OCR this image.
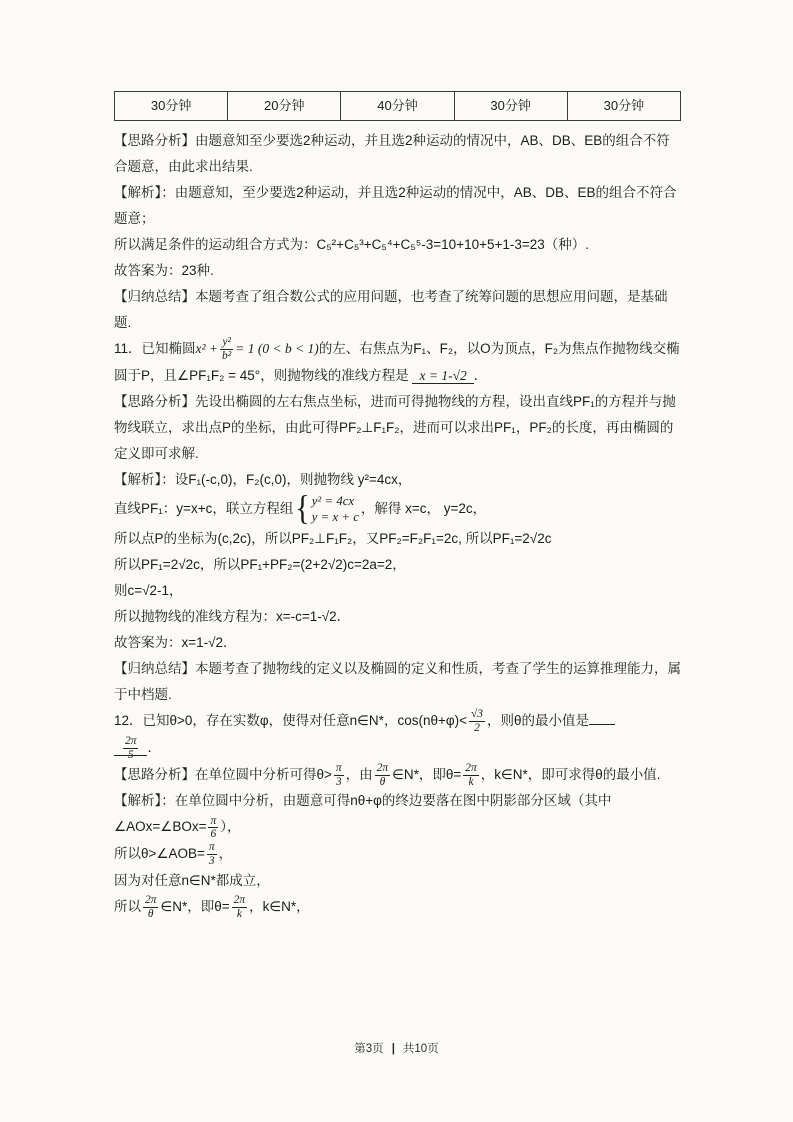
30分钟	20分钟	40分钟	30分钟	30分钟

【思路分析】由题意知至少要选2种运动，并且选2种运动的情况中，AB、DB、EB的组合不符合题意，由此求出结果.

【解析】：由题意知，至少要选2种运动，并且选2种运动的情况中，AB、DB、EB的组合不符合题意；

所以满足条件的运动组合方式为：C₅²+C₅³+C₅⁴+C₅⁵-3=10+10+5+1-3=23（种）.

故答案为：23种.

【归纳总结】本题考查了组合数公式的应用问题，也考查了统筹问题的思想应用问题，是基础题.

11．已知椭圆$x^2 + \frac{\text{y²}}{\text{b²}} = 1$ (0 < b < 1)的左、右焦点为F₁、F₂，以O为顶点，F₂为焦点作抛物线交椭圆于P，且∠PF₁F₂ = 45°，则抛物线的准线方程是 x = 1-√2 ．

【思路分析】先设出椭圆的左右焦点坐标，进而可得抛物线的方程，设出直线PF₁的方程并与抛物线联立，求出点P的坐标，由此可得PF₂⊥F₁F₂，进而可以求出PF₁，PF₂的长度，再由椭圆的定义即可求解.

【解析】：设F₁(-c,0)，F₂(c,0)，则抛物线 y²=4cx，

直线PF₁：y=x+c，联立方程组 { y² = 4cx
y = x + c
，解得 x=c， y=2c，

所以点P的坐标为(c,2c)，所以PF₂⊥F₁F₂，又PF₂=F₂F₁=2c, 所以PF₁=2√2c

所以PF₁=2√2c，所以PF₁+PF₂=(2+2√2)c=2a=2，

则c=√2-1，

所以抛物线的准线方程为：x=-c=1-√2．

故答案为：x=1-√2．

【归纳总结】本题考查了抛物线的定义以及椭圆的定义和性质，考查了学生的运算推理能力，属于中档题.

12．已知θ>0，存在实数φ，使得对任意n∈N*，$\cos(n\theta+\varphi)< \frac{√3}{2}$ ，则θ的最小值是

$\frac{2\pi}{5}$ ．

【思路分析】在单位圆中分析可得$\theta> \frac{\pi}{3}$ ，由 $\frac{2\pi}{\theta}$ ∈N*，即$\theta= \frac{2\pi}{k}$ ，k∈N*，即可求得θ的最小值.

【解析】：在单位圆中分析，由题意可得nθ+φ的终边要落在图中阴影部分区域（其中∠AOx=∠BOx= $\frac{\pi}{6}$ ），

所以θ>∠AOB= $\frac{\pi}{3}$ ，

因为对任意n∈N*都成立，

所以 $\frac{2\pi}{\theta}$ ∈N*，即$\theta= \frac{2\pi}{k}$ ，k∈N*，

第3页 | 共10页
